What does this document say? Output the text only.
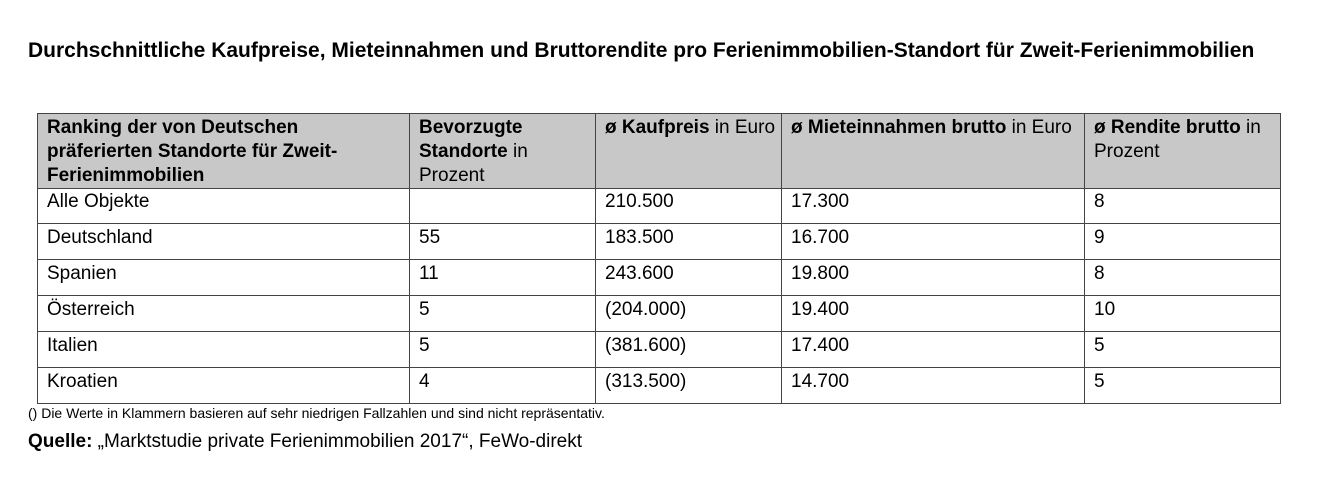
Durchschnittliche Kaufpreise, Mieteinnahmen und Bruttorendite pro Ferienimmobilien-Standort für Zweit-Ferienimmobilien
Ranking der von Deutschen präferierten Standorte für Zweit-Ferienimmobilien	Bevorzugte Standorte in Prozent	ø Kaufpreis in Euro	ø Mieteinnahmen brutto in Euro	ø Rendite brutto in Prozent
Alle Objekte		210.500	17.300	8
Deutschland	55	183.500	16.700	9
Spanien	11	243.600	19.800	8
Österreich	5	(204.000)	19.400	10
Italien	5	(381.600)	17.400	5
Kroatien	4	(313.500)	14.700	5

() Die Werte in Klammern basieren auf sehr niedrigen Fallzahlen und sind nicht repräsentativ.

Quelle: „Marktstudie private Ferienimmobilien 2017“, FeWo-direkt
